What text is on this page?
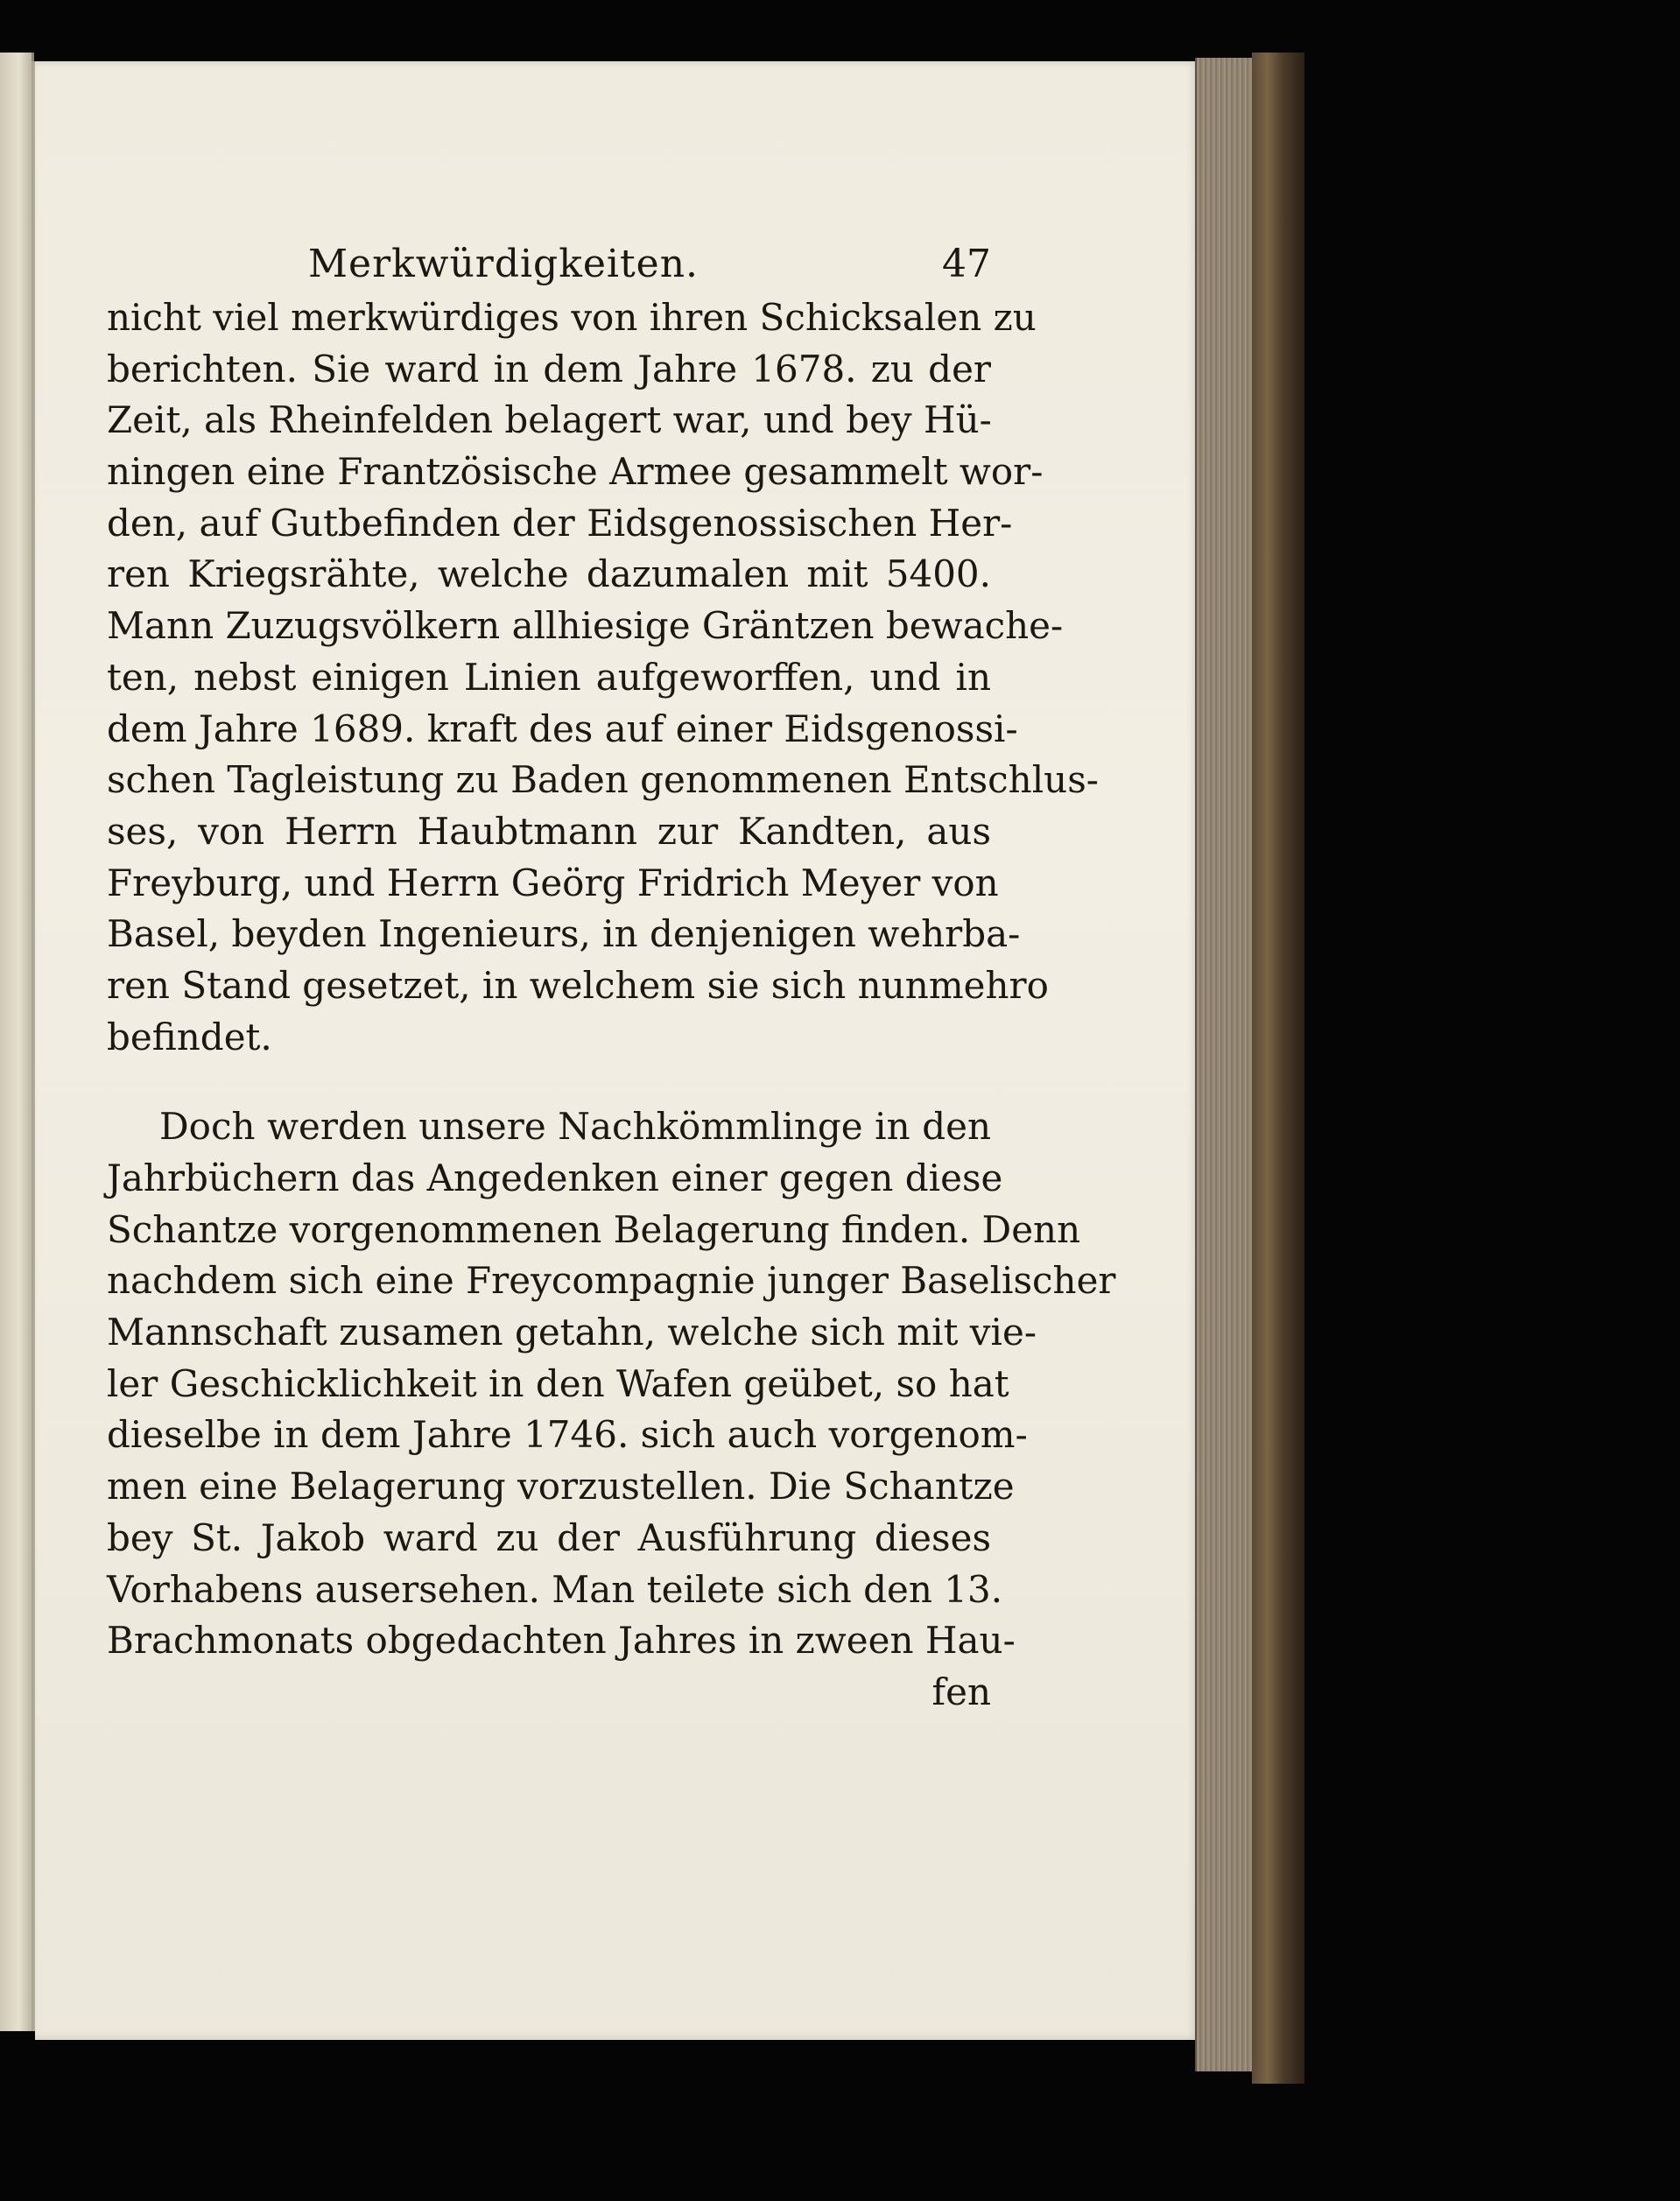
Merkwürdigkeiten.	47
nicht viel merkwürdiges von ihren Schicksalen zu
berichten. Sie ward in dem Jahre 1678. zu der
Zeit, als Rheinfelden belagert war, und bey Hü-
ningen eine Frantzösische Armee gesammelt wor-
den, auf Gutbefinden der Eidsgenossischen Her-
ren Kriegsrähte, welche dazumalen mit 5400.
Mann Zuzugsvölkern allhiesige Gräntzen bewache-
ten, nebst einigen Linien aufgeworffen, und in
dem Jahre 1689. kraft des auf einer Eidsgenossi-
schen Tagleistung zu Baden genommenen Entschlus-
ses, von Herrn Haubtmann zur Kandten, aus
Freyburg, und Herrn Geörg Fridrich Meyer von
Basel, beyden Ingenieurs, in denjenigen wehrba-
ren Stand gesetzet, in welchem sie sich nunmehro
befindet.
Doch werden unsere Nachkömmlinge in den
Jahrbüchern das Angedenken einer gegen diese
Schantze vorgenommenen Belagerung finden. Denn
nachdem sich eine Freycompagnie junger Baselischer
Mannschaft zusamen getahn, welche sich mit vie-
ler Geschicklichkeit in den Wafen geübet, so hat
dieselbe in dem Jahre 1746. sich auch vorgenom-
men eine Belagerung vorzustellen. Die Schantze
bey St. Jakob ward zu der Ausführung dieses
Vorhabens ausersehen. Man teilete sich den 13.
Brachmonats obgedachten Jahres in zween Hau-
fen
